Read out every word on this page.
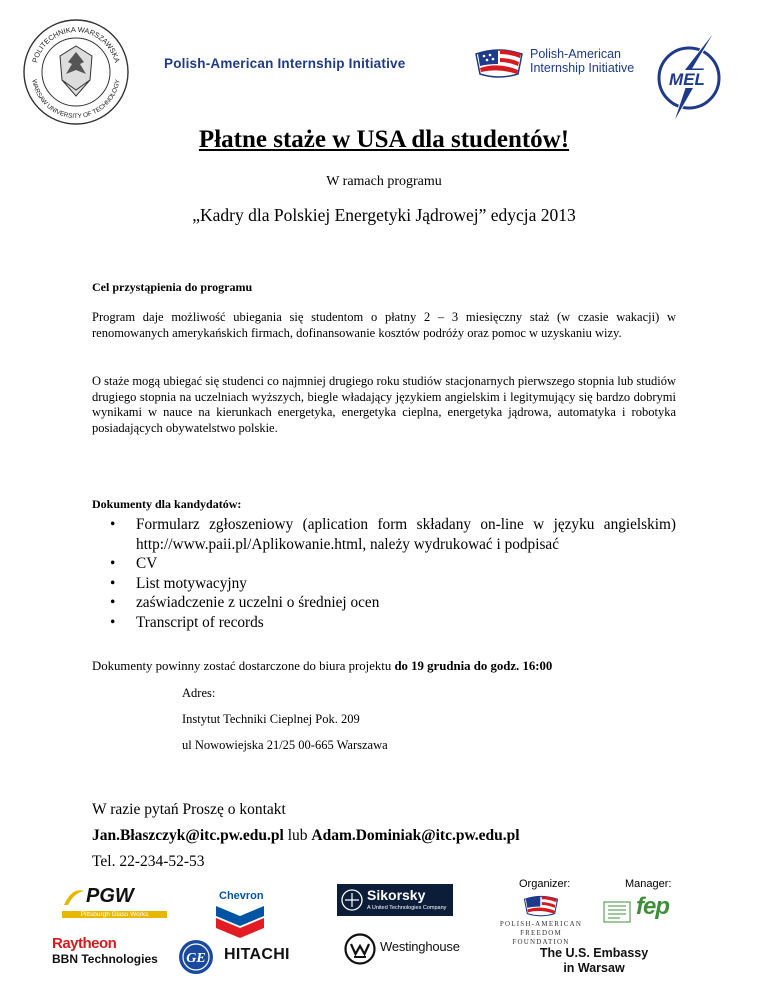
POLITECHNIKA WARSZAWSKA
WARSAW UNIVERSITY OF TECHNOLOGY
Polish-American Internship Initiative
Polish-American
Internship Initiative
MEL
Płatne staże w USA dla studentów!
W ramach programu
„Kadry dla Polskiej Energetyki Jądrowej” edycja 2013
Cel przystąpienia do programu
Program daje możliwość ubiegania się studentom o płatny 2 – 3 miesięczny staż (w czasie wakacji) w renomowanych amerykańskich firmach, dofinansowanie kosztów podróży oraz pomoc w uzyskaniu wizy.
O staże mogą ubiegać się studenci co najmniej drugiego roku studiów stacjonarnych pierwszego stopnia lub studiów drugiego stopnia na uczelniach wyższych, biegle władający językiem angielskim i legitymujący się bardzo dobrymi wynikami w nauce na kierunkach energetyka, energetyka cieplna, energetyka jądrowa, automatyka i robotyka posiadających obywatelstwo polskie.
Dokumenty dla kandydatów:
• Formularz zgłoszeniowy (aplication form składany on-line w języku angielskim) http://www.paii.pl/Aplikowanie.html, należy wydrukować i podpisać
• CV
• List motywacyjny
• zaświadczenie z uczelni o średniej ocen
• Transcript of records
Dokumenty powinny zostać dostarczone do biura projektu do 19 grudnia do godz. 16:00
Adres:
Instytut Techniki Cieplnej Pok. 209
ul Nowowiejska 21/25 00-665 Warszawa
W razie pytań Proszę o kontakt
Jan.Błaszczyk@itc.pw.edu.pl lub Adam.Dominiak@itc.pw.edu.pl
Tel. 22-234-52-53
PGW
Pittsburgh Glass Works
Raytheon
BBN Technologies
Chevron
GE HITACHI
Sikorsky
A United Technologies Company
Westinghouse
Organizer:	Manager:
POLISH-AMERICAN
FREEDOM FOUNDATION
fep
The U.S. Embassy
in Warsaw
